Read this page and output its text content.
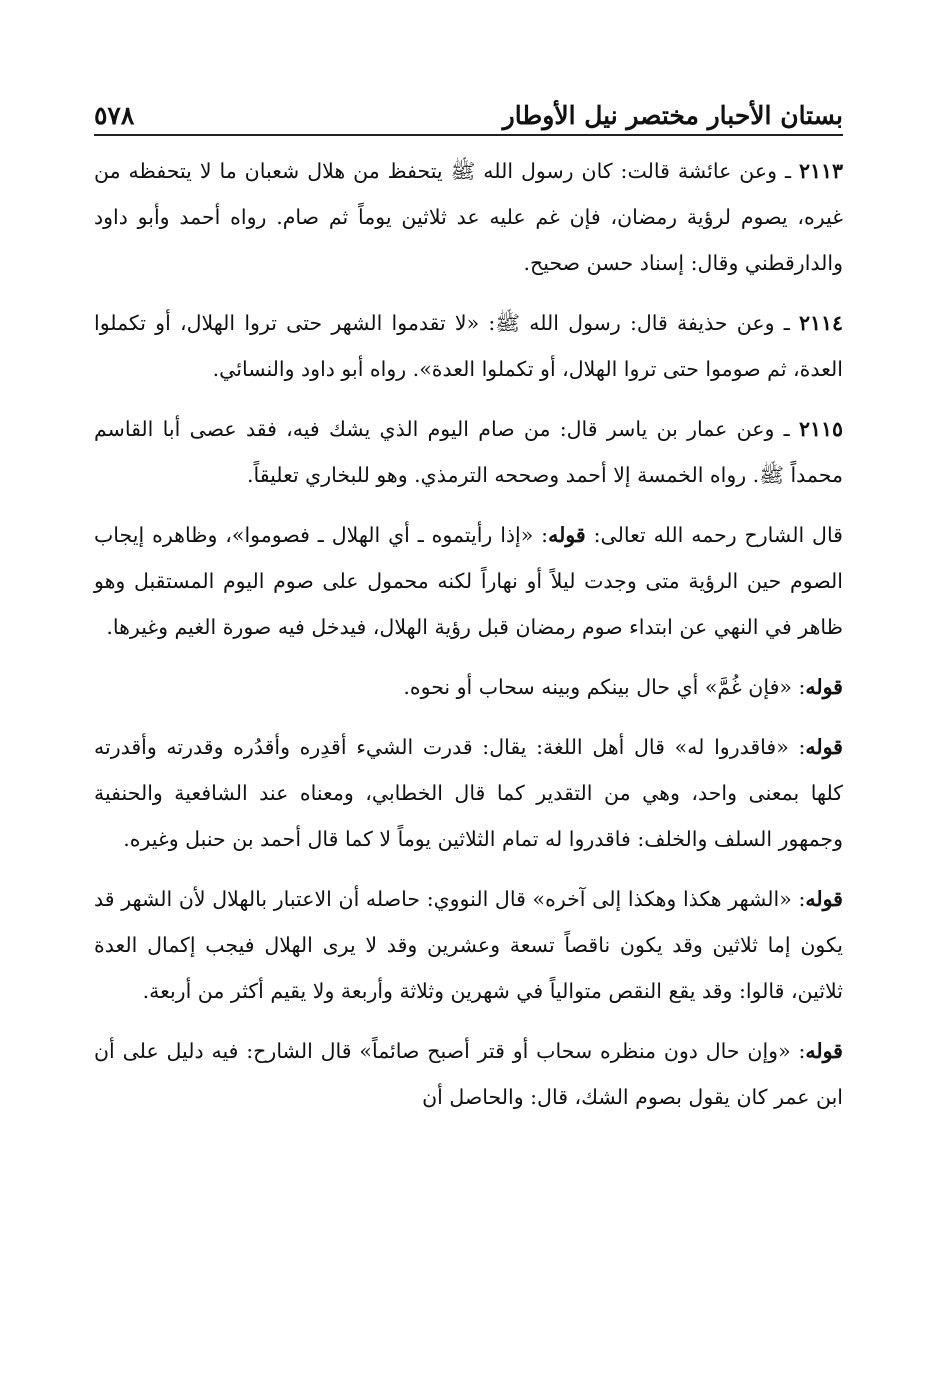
بستان الأحبار مختصر نيل الأوطار
٥٧٨

٢١١٣ ـ وعن عائشة قالت: كان رسول الله ﷺ يتحفظ من هلال شعبان ما لا يتحفظه من غيره، يصوم لرؤية رمضان، فإن غم عليه عد ثلاثين يوماً ثم صام. رواه أحمد وأبو داود والدارقطني وقال: إسناد حسن صحيح.

٢١١٤ ـ وعن حذيفة قال: رسول الله ﷺ: «لا تقدموا الشهر حتى تروا الهلال، أو تكملوا العدة، ثم صوموا حتى تروا الهلال، أو تكملوا العدة». رواه أبو داود والنسائي.

٢١١٥ ـ وعن عمار بن ياسر قال: من صام اليوم الذي يشك فيه، فقد عصى أبا القاسم محمداً ﷺ. رواه الخمسة إلا أحمد وصححه الترمذي. وهو للبخاري تعليقاً.

قال الشارح رحمه الله تعالى: قوله: «إذا رأيتموه ـ أي الهلال ـ فصوموا»، وظاهره إيجاب الصوم حين الرؤية متى وجدت ليلاً أو نهاراً لكنه محمول على صوم اليوم المستقبل وهو ظاهر في النهي عن ابتداء صوم رمضان قبل رؤية الهلال، فيدخل فيه صورة الغيم وغيرها.

قوله: «فإن غُمَّ» أي حال بينكم وبينه سحاب أو نحوه.

قوله: «فاقدروا له» قال أهل اللغة: يقال: قدرت الشيء أقدِره وأقدُره وقدرته وأقدرته كلها بمعنى واحد، وهي من التقدير كما قال الخطابي، ومعناه عند الشافعية والحنفية وجمهور السلف والخلف: فاقدروا له تمام الثلاثين يوماً لا كما قال أحمد بن حنبل وغيره.

قوله: «الشهر هكذا وهكذا إلى آخره» قال النووي: حاصله أن الاعتبار بالهلال لأن الشهر قد يكون إما ثلاثين وقد يكون ناقصاً تسعة وعشرين وقد لا يرى الهلال فيجب إكمال العدة ثلاثين، قالوا: وقد يقع النقص متوالياً في شهرين وثلاثة وأربعة ولا يقيم أكثر من أربعة.

قوله: «وإن حال دون منظره سحاب أو قتر أصبح صائماً» قال الشارح: فيه دليل على أن ابن عمر كان يقول بصوم الشك، قال: والحاصل أن
